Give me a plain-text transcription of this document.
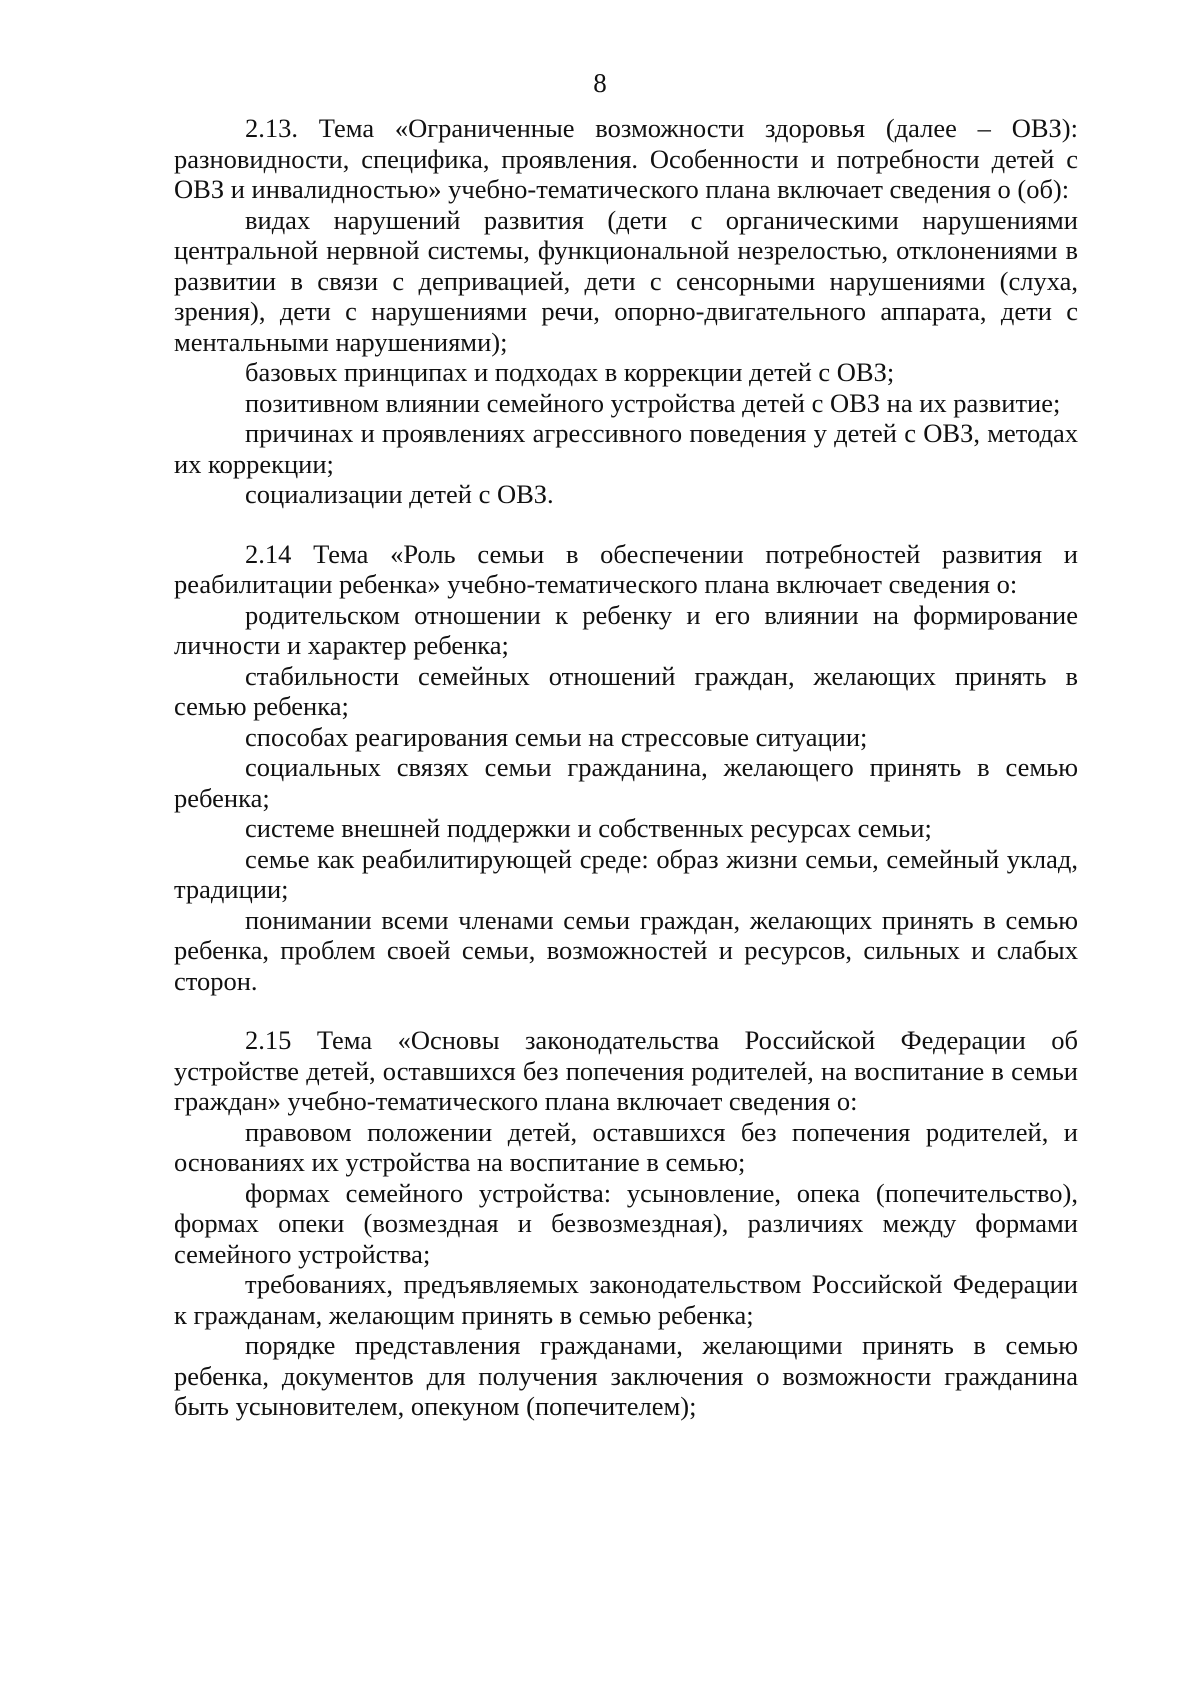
8

2.13. Тема «Ограниченные возможности здоровья (далее – ОВЗ): разновидности, специфика, проявления. Особенности и потребности детей с ОВЗ и инвалидностью» учебно-тематического плана включает сведения о (об):

видах нарушений развития (дети с органическими нарушениями центральной нервной системы, функциональной незрелостью, отклонениями в развитии в связи с депривацией, дети с сенсорными нарушениями (слуха, зрения), дети с нарушениями речи, опорно-двигательного аппарата, дети с ментальными нарушениями);

базовых принципах и подходах в коррекции детей с ОВЗ;

позитивном влиянии семейного устройства детей с ОВЗ на их развитие;

причинах и проявлениях агрессивного поведения у детей с ОВЗ, методах их коррекции;

социализации детей с ОВЗ.

2.14 Тема «Роль семьи в обеспечении потребностей развития и реабилитации ребенка» учебно-тематического плана включает сведения о:

родительском отношении к ребенку и его влиянии на формирование личности и характер ребенка;

стабильности семейных отношений граждан, желающих принять в семью ребенка;

способах реагирования семьи на стрессовые ситуации;

социальных связях семьи гражданина, желающего принять в семью ребенка;

системе внешней поддержки и собственных ресурсах семьи;

семье как реабилитирующей среде: образ жизни семьи, семейный уклад, традиции;

понимании всеми членами семьи граждан, желающих принять в семью ребенка, проблем своей семьи, возможностей и ресурсов, сильных и слабых сторон.

2.15 Тема «Основы законодательства Российской Федерации об устройстве детей, оставшихся без попечения родителей, на воспитание в семьи граждан» учебно-тематического плана включает сведения о:

правовом положении детей, оставшихся без попечения родителей, и основаниях их устройства на воспитание в семью;

формах семейного устройства: усыновление, опека (попечительство), формах опеки (возмездная и безвозмездная), различиях между формами семейного устройства;

требованиях, предъявляемых законодательством Российской Федерации к гражданам, желающим принять в семью ребенка;

порядке представления гражданами, желающими принять в семью ребенка, документов для получения заключения о возможности гражданина быть усыновителем, опекуном (попечителем);
